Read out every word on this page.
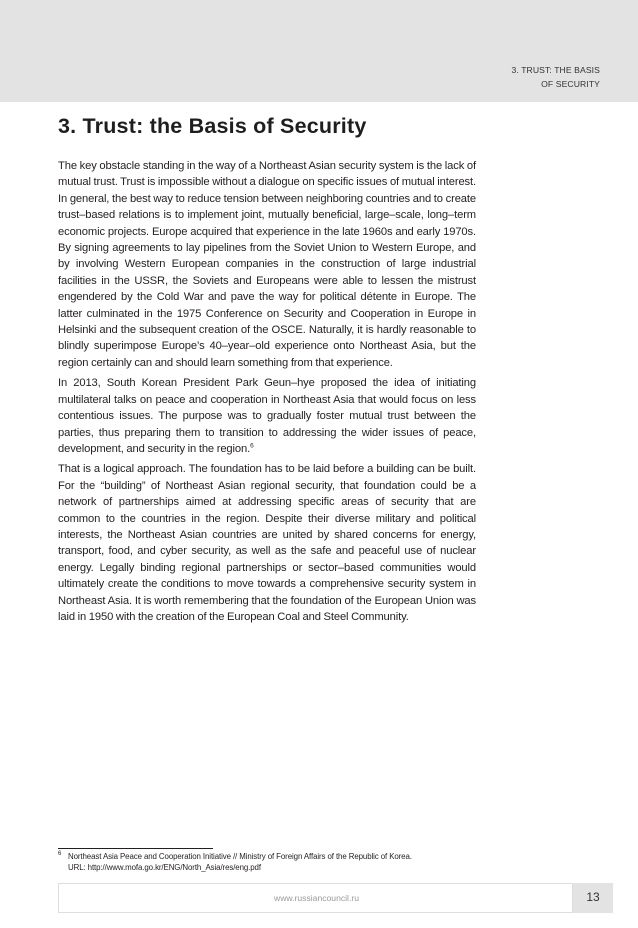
3. TRUST: THE BASIS
OF SECURITY
3. Trust: the Basis of Security

The key obstacle standing in the way of a Northeast Asian security system is the lack of mutual trust. Trust is impossible without a dialogue on specific issues of mutual interest. In general, the best way to reduce tension between neighboring countries and to create trust–based relations is to implement joint, mutually beneficial, large–scale, long–term economic projects. Europe acquired that experience in the late 1960s and early 1970s. By signing agreements to lay pipelines from the Soviet Union to Western Europe, and by involving Western European companies in the construction of large industrial facilities in the USSR, the Soviets and Europeans were able to lessen the mistrust engendered by the Cold War and pave the way for political détente in Europe. The latter culminated in the 1975 Conference on Security and Cooperation in Europe in Helsinki and the subsequent creation of the OSCE. Naturally, it is hardly reasonable to blindly superimpose Europe’s 40–year–old experience onto Northeast Asia, but the region certainly can and should learn something from that experience.

In 2013, South Korean President Park Geun–hye proposed the idea of initiating multilateral talks on peace and cooperation in Northeast Asia that would focus on less contentious issues. The purpose was to gradually foster mutual trust between the parties, thus preparing them to transition to addressing the wider issues of peace, development, and security in the region.$^6$

That is a logical approach. The foundation has to be laid before a building can be built. For the “building” of Northeast Asian regional security, that foundation could be a network of partnerships aimed at addressing specific areas of security that are common to the countries in the region. Despite their diverse military and political interests, the Northeast Asian countries are united by shared concerns for energy, transport, food, and cyber security, as well as the safe and peaceful use of nuclear energy. Legally binding regional partnerships or sector–based communities would ultimately create the conditions to move towards a comprehensive security system in Northeast Asia. It is worth remembering that the foundation of the European Union was laid in 1950 with the creation of the European Coal and Steel Community.

6 Northeast Asia Peace and Cooperation Initiative // Ministry of Foreign Affairs of the Republic of Korea.
URL: http://www.mofa.go.kr/ENG/North_Asia/res/eng.pdf
www.russiancouncil.ru	13
